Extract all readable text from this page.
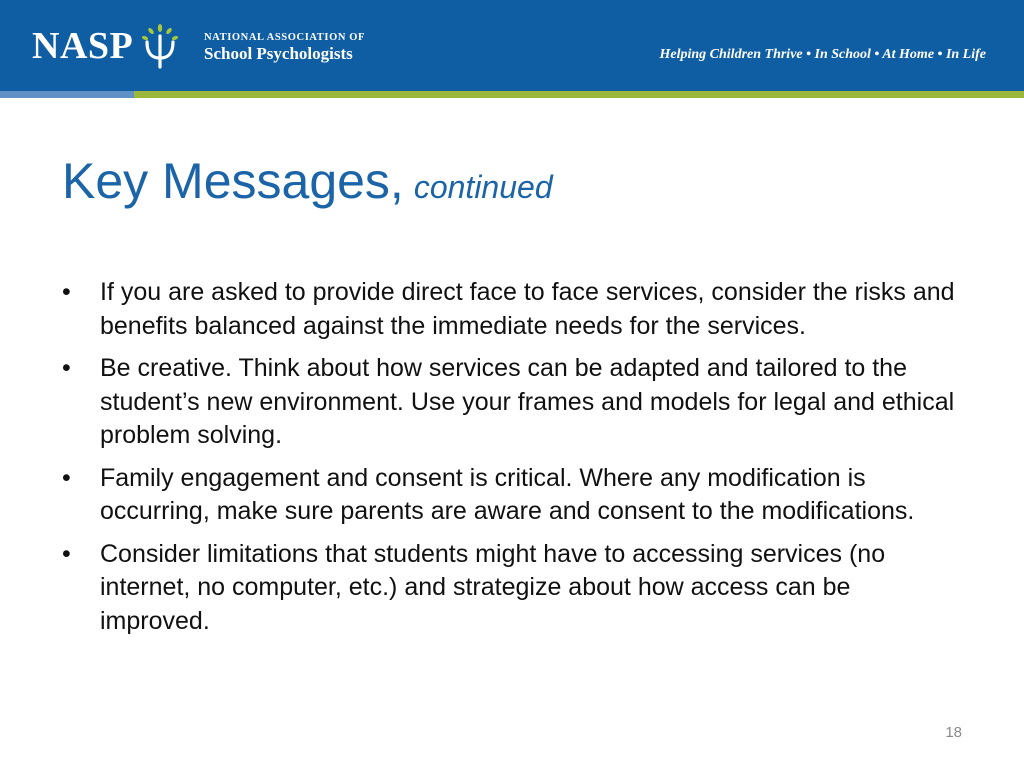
NASP	NATIONAL ASSOCIATION OF
School Psychologists	Helping Children Thrive • In School • At Home • In Life
Key Messages, continued
• If you are asked to provide direct face to face services, consider the risks and benefits balanced against the immediate needs for the services.
• Be creative. Think about how services can be adapted and tailored to the student’s new environment. Use your frames and models for legal and ethical problem solving.
• Family engagement and consent is critical. Where any modification is occurring, make sure parents are aware and consent to the modifications.
• Consider limitations that students might have to accessing services (no internet, no computer, etc.) and strategize about how access can be improved.
18
